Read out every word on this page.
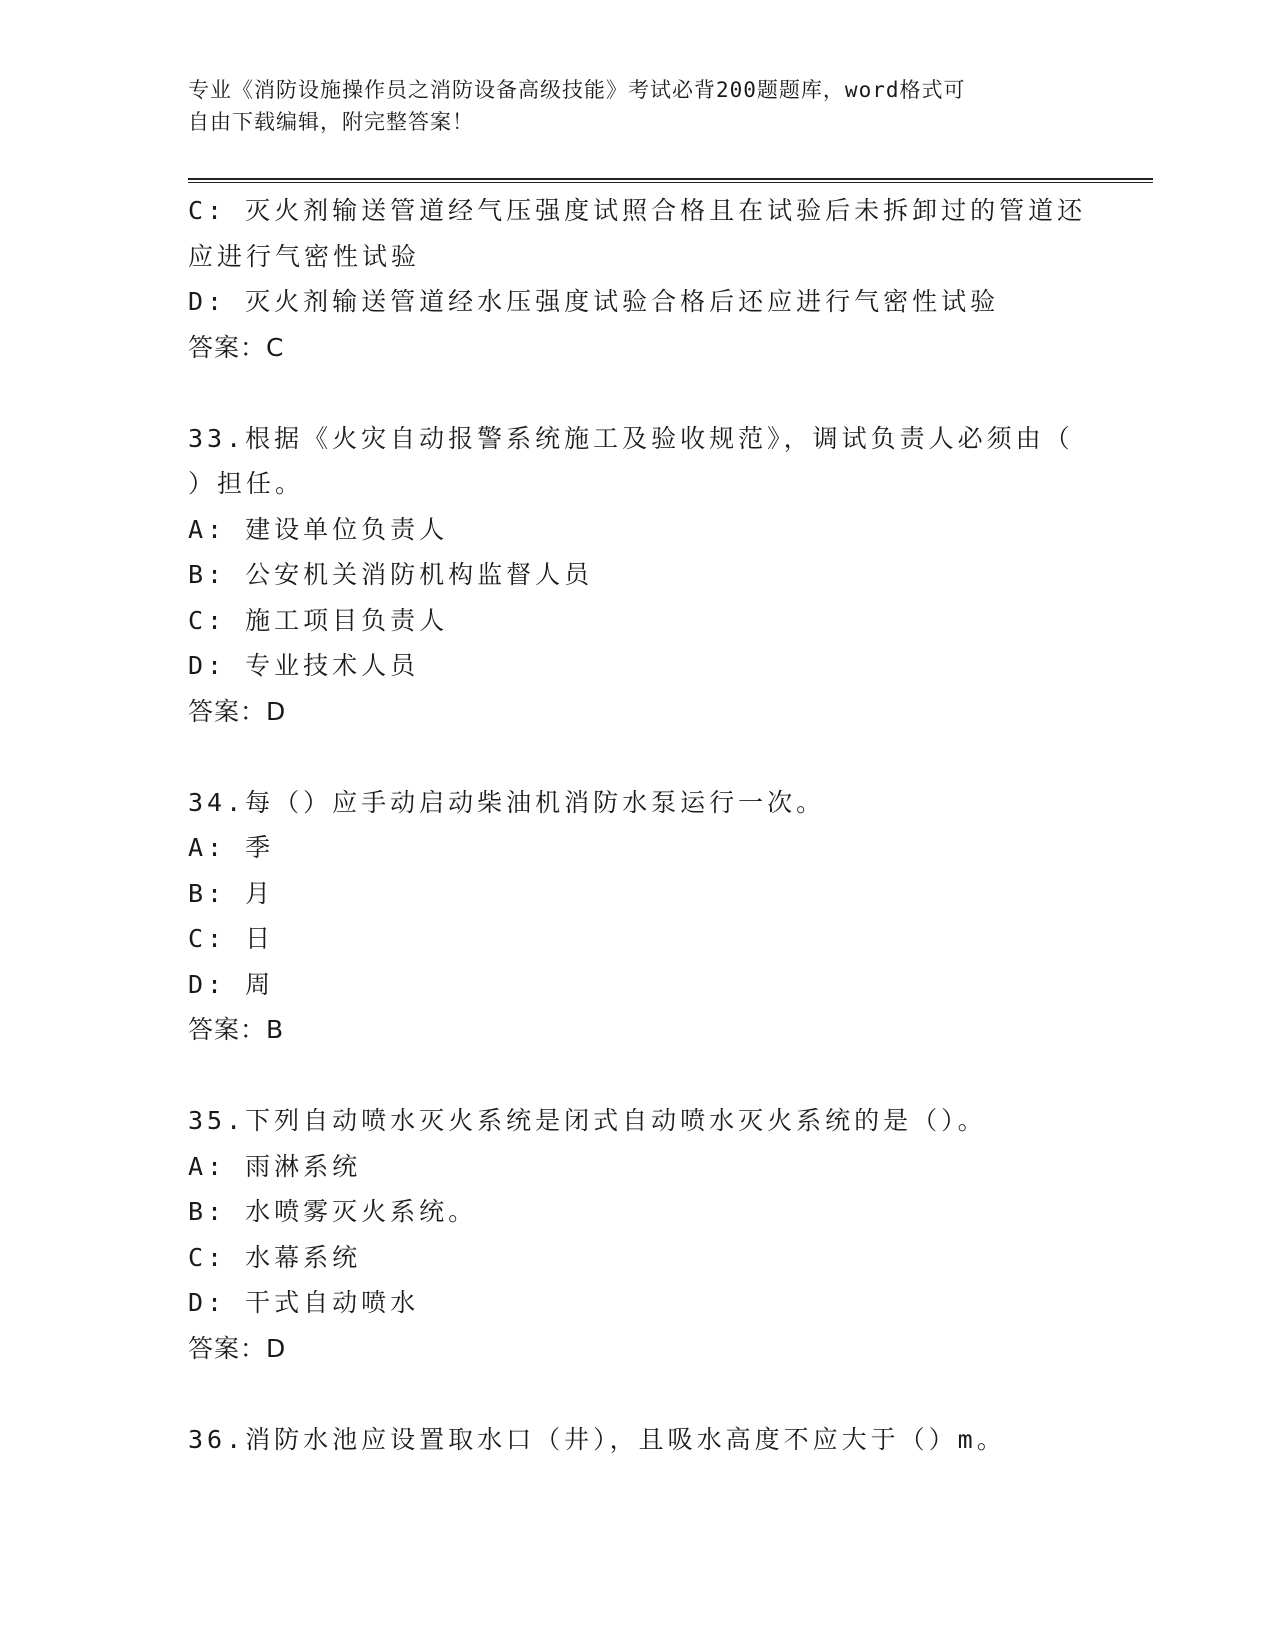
专业《消防设施操作员之消防设备高级技能》考试必背200题题库，word格式可
自由下载编辑，附完整答案！
C: 灭火剂输送管道经气压强度试照合格且在试验后未拆卸过的管道还
应进行气密性试验
D: 灭火剂输送管道经水压强度试验合格后还应进行气密性试验
答案：C
33.根据《火灾自动报警系统施工及验收规范》，调试负责人必须由（
）担任。
A: 建设单位负责人
B: 公安机关消防机构监督人员
C: 施工项目负责人
D: 专业技术人员
答案：D
34.每（）应手动启动柴油机消防水泵运行一次。
A: 季
B: 月
C: 日
D: 周
答案：B
35.下列自动喷水灭火系统是闭式自动喷水灭火系统的是（）。
A: 雨淋系统
B: 水喷雾灭火系统。
C: 水幕系统
D: 干式自动喷水
答案：D
36.消防水池应设置取水口（井），且吸水高度不应大于（）m。
